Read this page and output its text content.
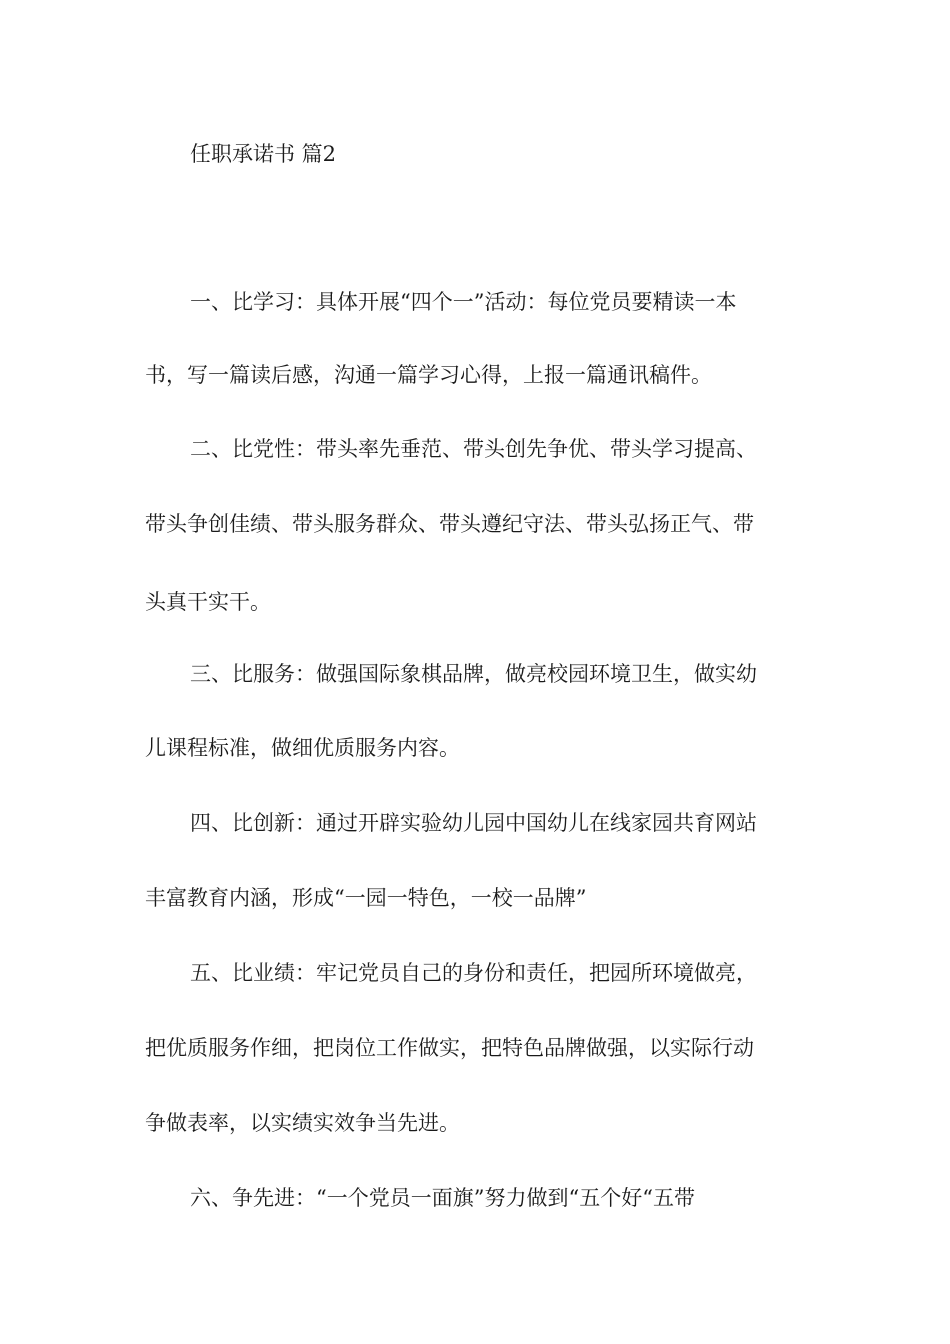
任职承诺书 篇2

一、比学习：具体开展“四个一”活动：每位党员要精读一本

书，写一篇读后感，沟通一篇学习心得，上报一篇通讯稿件。

二、比党性：带头率先垂范、带头创先争优、带头学习提高、

带头争创佳绩、带头服务群众、带头遵纪守法、带头弘扬正气、带

头真干实干。

三、比服务：做强国际象棋品牌，做亮校园环境卫生，做实幼

儿课程标准，做细优质服务内容。

四、比创新：通过开辟实验幼儿园中国幼儿在线家园共育网站

丰富教育内涵，形成“一园一特色，一校一品牌”

五、比业绩：牢记党员自己的身份和责任，把园所环境做亮，

把优质服务作细，把岗位工作做实，把特色品牌做强，以实际行动

争做表率，以实绩实效争当先进。

六、争先进：“一个党员一面旗”努力做到“五个好“五带
